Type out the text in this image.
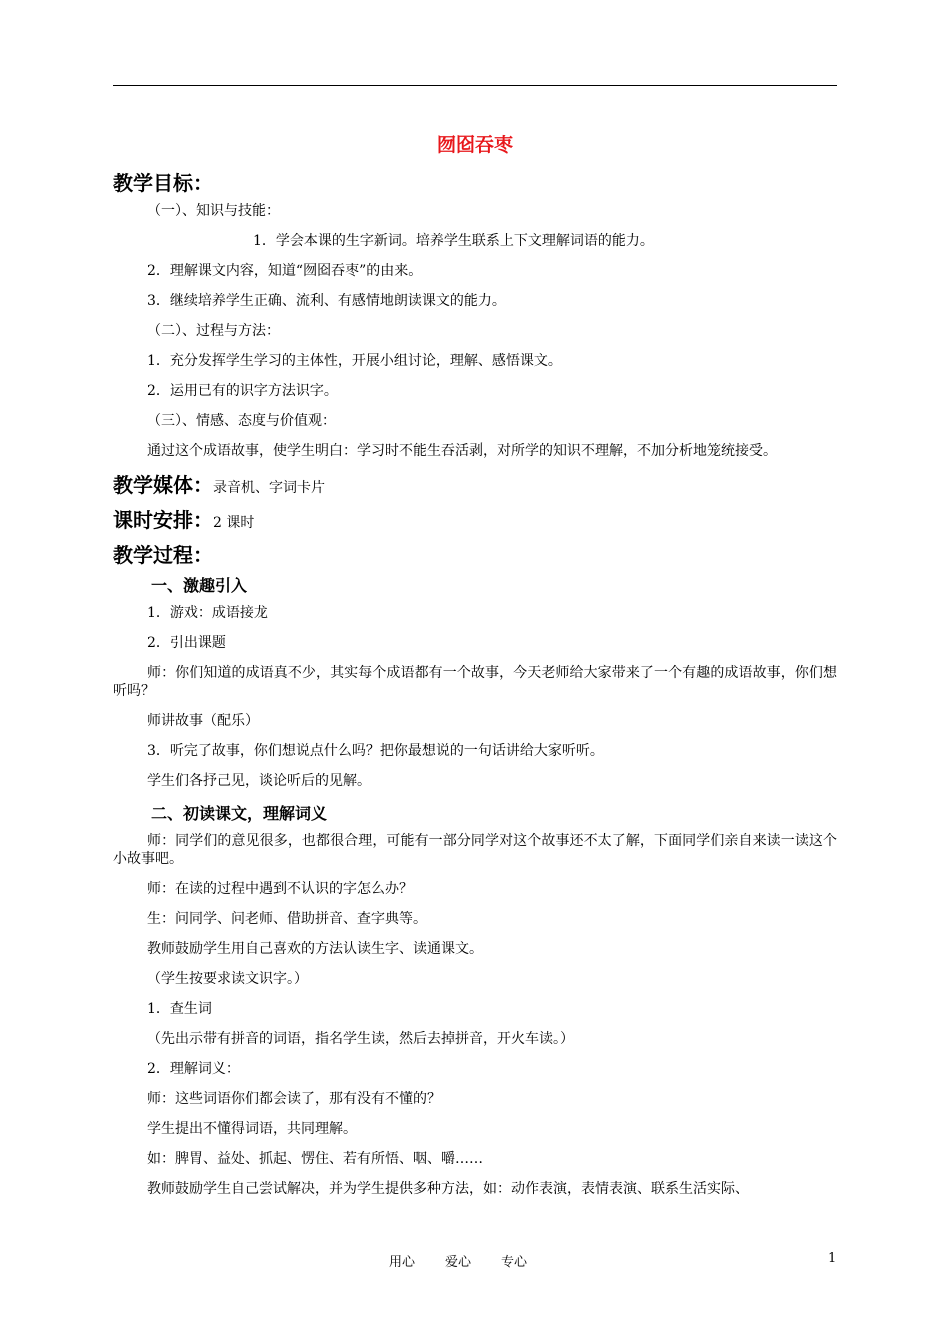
囫囵吞枣
教学目标：
（一）、知识与技能：
1．学会本课的生字新词。培养学生联系上下文理解词语的能力。
2．理解课文内容，知道“囫囵吞枣”的由来。
3．继续培养学生正确、流利、有感情地朗读课文的能力。
（二）、过程与方法：
1．充分发挥学生学习的主体性，开展小组讨论，理解、感悟课文。
2．运用已有的识字方法识字。
（三）、情感、态度与价值观：
通过这个成语故事，使学生明白：学习时不能生吞活剥，对所学的知识不理解，不加分析地笼统接受。
教学媒体：录音机、字词卡片
课时安排：2 课时
教学过程：
一、激趣引入
1．游戏：成语接龙
2．引出课题
师：你们知道的成语真不少，其实每个成语都有一个故事，今天老师给大家带来了一个有趣的成语故事，你们想听吗？
师讲故事（配乐）
3．听完了故事，你们想说点什么吗？把你最想说的一句话讲给大家听听。
学生们各抒己见，谈论听后的见解。
二、初读课文，理解词义
师：同学们的意见很多，也都很合理，可能有一部分同学对这个故事还不太了解，下面同学们亲自来读一读这个小故事吧。
师：在读的过程中遇到不认识的字怎么办？
生：问同学、问老师、借助拼音、查字典等。
教师鼓励学生用自己喜欢的方法认读生字、读通课文。
（学生按要求读文识字。）
1．查生词
（先出示带有拼音的词语，指名学生读，然后去掉拼音，开火车读。）
2．理解词义：
师：这些词语你们都会读了，那有没有不懂的？
学生提出不懂得词语，共同理解。
如：脾胃、益处、抓起、愣住、若有所悟、咽、嚼……
教师鼓励学生自己尝试解决，并为学生提供多种方法，如：动作表演，表情表演、联系生活实际、
用心 爱心 专心	1
